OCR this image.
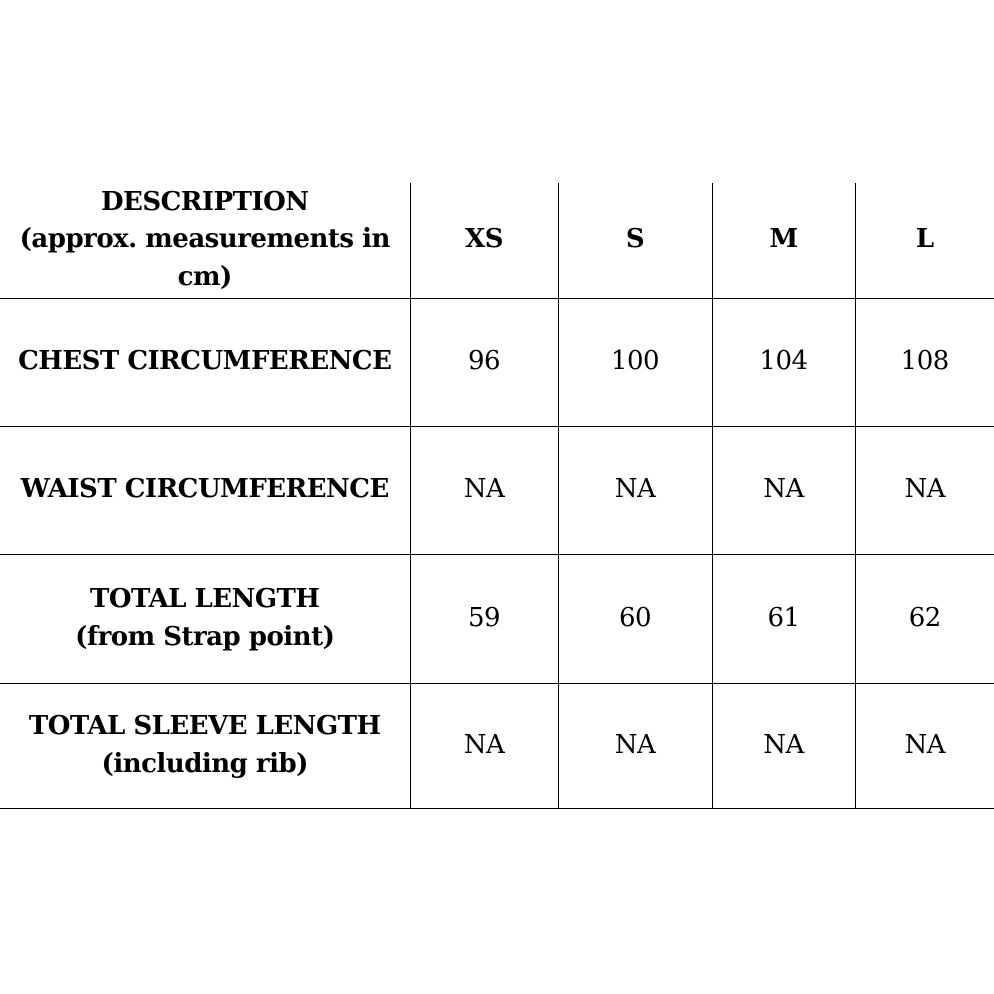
DESCRIPTION
(approx. measurements in cm)	XS	S	M	L

CHEST CIRCUMFERENCE	96	100	104	108

WAIST CIRCUMFERENCE	NA	NA	NA	NA

TOTAL LENGTH
(from Strap point)	59	60	61	62

TOTAL SLEEVE LENGTH
(including rib)	NA	NA	NA	NA
